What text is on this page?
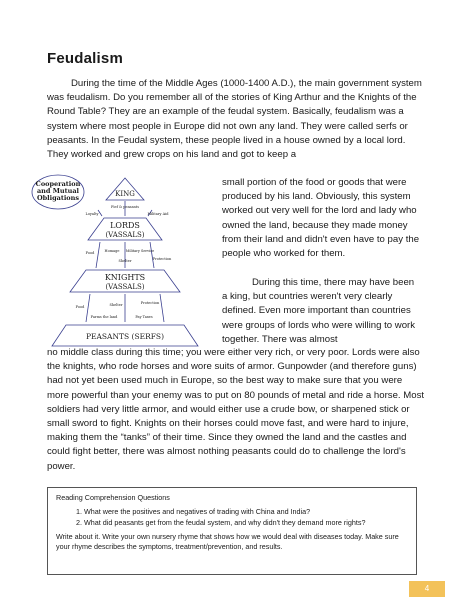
Feudalism
During the time of the Middle Ages (1000-1400 A.D.), the main government system was feudalism. Do you remember all of the stories of King Arthur and the Knights of the Round Table? They are an example of the feudal system. Basically, feudalism was a system where most people in Europe did not own any land. They were called serfs or peasants. In the Feudal system, these people lived in a house owned by a local lord. They worked and grew crops on his land and got to keep a
Cooperation
and Mutual
Obligations	KING
Fief & peasants
Loyalty	Military Aid
LORDS
(VASSALS)
Food	Homage Military Service
Shelter	Protection
KNIGHTS
(VASSALS)
Food	Shelter	Protection
Farms the land	Pay Taxes
PEASANTS (SERFS)
small portion of the food or goods that were produced by his land. Obviously, this system worked out very well for the lord and lady who owned the land, because they made money from their land and didn't even have to pay the people who worked for them.
During this time, there may have been a king, but countries weren't very clearly defined. Even more important than countries were groups of lords who were willing to work together. There was almost
no middle class during this time; you were either very rich, or very poor. Lords were also the knights, who rode horses and wore suits of armor. Gunpowder (and therefore guns) had not yet been used much in Europe, so the best way to make sure that you were more powerful than your enemy was to put on 80 pounds of metal and ride a horse. Most soldiers had very little armor, and would either use a crude bow, or sharpened stick or small sword to fight. Knights on their horses could move fast, and were hard to injure, making them the “tanks” of their time. Since they owned the land and the castles and could fight better, there was almost nothing peasants could do to challenge the lord's power.

Reading Comprehension Questions

1. What were the positives and negatives of trading with China and India?
2. What did peasants get from the feudal system, and why didn't they demand more rights?

Write about it. Write your own nursery rhyme that shows how we would deal with diseases today. Make sure your rhyme describes the symptoms, treatment/prevention, and results.

4
